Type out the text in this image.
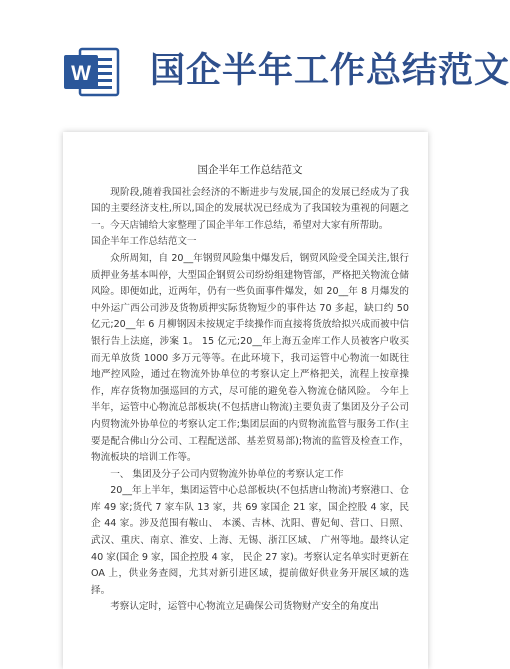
W 国企半年工作总结范文
国企半年工作总结范文

现阶段,随着我国社会经济的不断进步与发展,国企的发展已经成为了我国的主要经济支柱,所以,国企的发展状况已经成为了我国较为重视的问题之一。今天店铺给大家整理了国企半年工作总结，希望对大家有所帮助。

国企半年工作总结范文一

众所周知，自 20__年钢贸风险集中爆发后，钢贸风险受全国关注,银行质押业务基本叫停，大型国企钢贸公司纷纷组建物管部，严格把关物流仓储风险。即便如此，近两年，仍有一些负面事件爆发，如 20__年 8 月爆发的中外运广西公司涉及货物质押实际货物短少的事件达 70 多起，缺口约 50 亿元;20__年 6 月柳钢因未按规定手续操作而直接将货放给拟兴成而被中信银行告上法庭，涉案 1。 15 亿元;20__年上海五金库工作人员被客户收买而无单放货 1000 多万元等等。在此环境下，我司运管中心物流一如既往地严控风险，通过在物流外协单位的考察认定上严格把关，流程上按章操作，库存货物加强巡回的方式，尽可能的避免卷入物流仓储风险。 今年上半年，运管中心物流总部板块(不包括唐山物流)主要负责了集团及分子公司内贸物流外协单位的考察认定工作;集团层面的内贸物流监管与服务工作(主要是配合佛山分公司、工程配送部、基差贸易部);物流的监管及检查工作，物流板块的培训工作等。

一、 集团及分子公司内贸物流外协单位的考察认定工作

20__年上半年，集团运管中心总部板块(不包括唐山物流)考察港口、仓库 49 家;货代 7 家车队 13 家，共 69 家国企 21 家，国企控股 4 家，民企 44 家。涉及范围有鞍山、 本溪、吉林、沈阳、曹妃甸、营口、日照、武汉、重庆、南京、淮安、上海、无锡、浙江区域、 广州等地。最终认定 40 家(国企 9 家，国企控股 4 家， 民企 27 家)。考察认定名单实时更新在 OA 上，供业务查阅，尤其对新引进区域，提前做好供业务开展区域的选择。

考察认定时，运管中心物流立足确保公司货物财产安全的角度出
